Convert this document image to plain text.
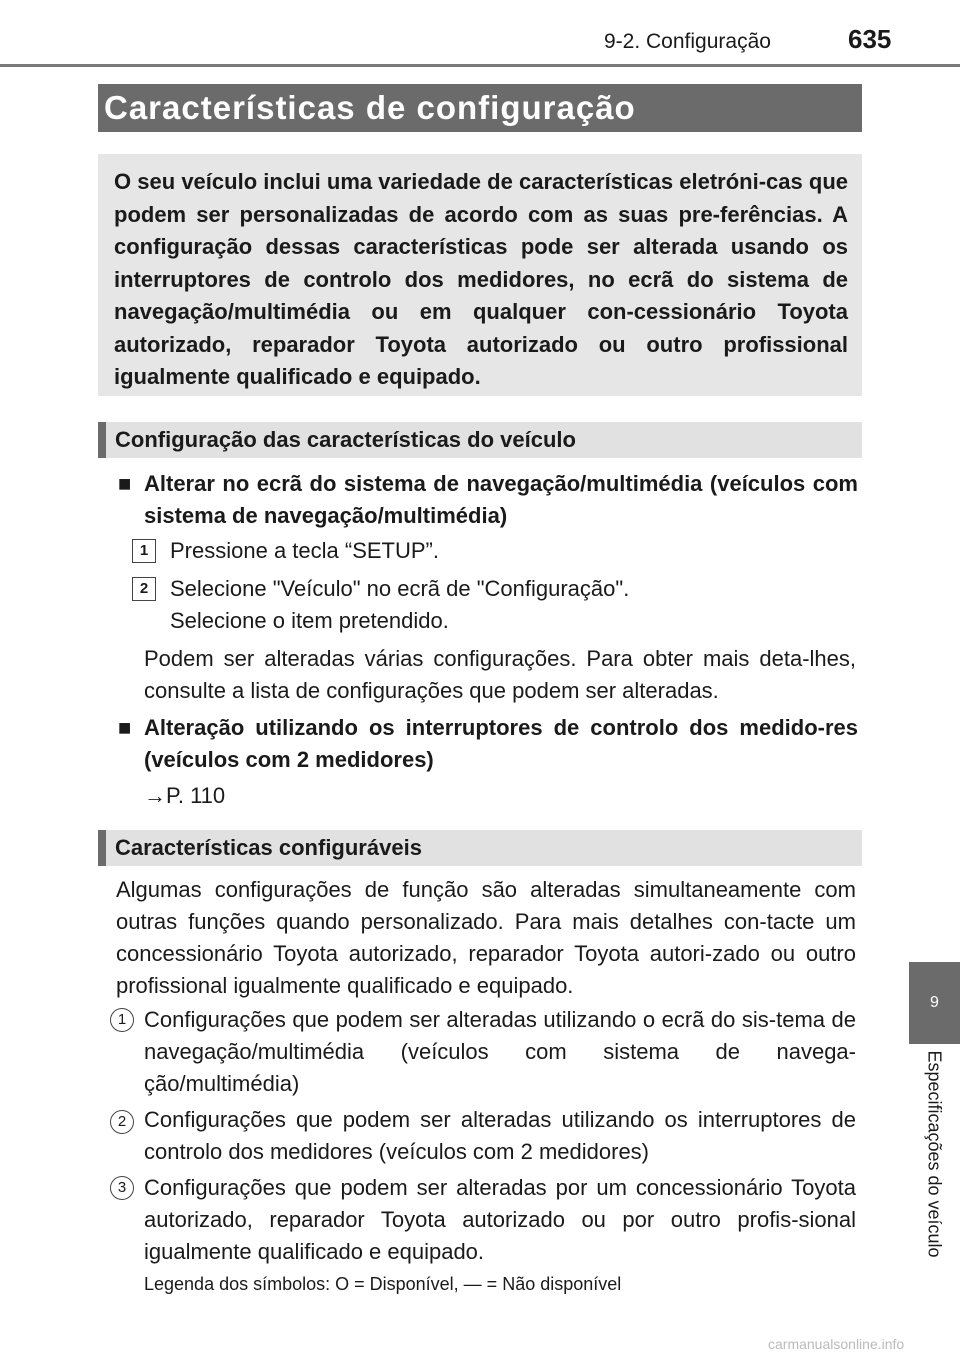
9-2. Configuração	635
Características de configuração
O seu veículo inclui uma variedade de características eletróni-cas que podem ser personalizadas de acordo com as suas pre-ferências. A configuração dessas características pode ser alterada usando os interruptores de controlo dos medidores, no ecrã do sistema de navegação/multimédia ou em qualquer con-cessionário Toyota autorizado, reparador Toyota autorizado ou outro profissional igualmente qualificado e equipado.
Configuração das características do veículo
■ Alterar no ecrã do sistema de navegação/multimédia (veículos com sistema de navegação/multimédia)
1 Pressione a tecla “SETUP”.
2 Selecione "Veículo" no ecrã de "Configuração".
Selecione o item pretendido.
Podem ser alteradas várias configurações. Para obter mais deta-lhes, consulte a lista de configurações que podem ser alteradas.
■ Alteração utilizando os interruptores de controlo dos medido-res (veículos com 2 medidores)
→P. 110
Características configuráveis
Algumas configurações de função são alteradas simultaneamente com outras funções quando personalizado. Para mais detalhes con-tacte um concessionário Toyota autorizado, reparador Toyota autori-zado ou outro profissional igualmente qualificado e equipado.
1 Configurações que podem ser alteradas utilizando o ecrã do sis-tema de navegação/multimédia (veículos com sistema de navega-ção/multimédia)
2 Configurações que podem ser alteradas utilizando os interruptores de controlo dos medidores (veículos com 2 medidores)
3 Configurações que podem ser alteradas por um concessionário Toyota autorizado, reparador Toyota autorizado ou por outro profis-sional igualmente qualificado e equipado.
Legenda dos símbolos: O = Disponível, — = Não disponível
9
Especificações do veículo
carmanualsonline.info
